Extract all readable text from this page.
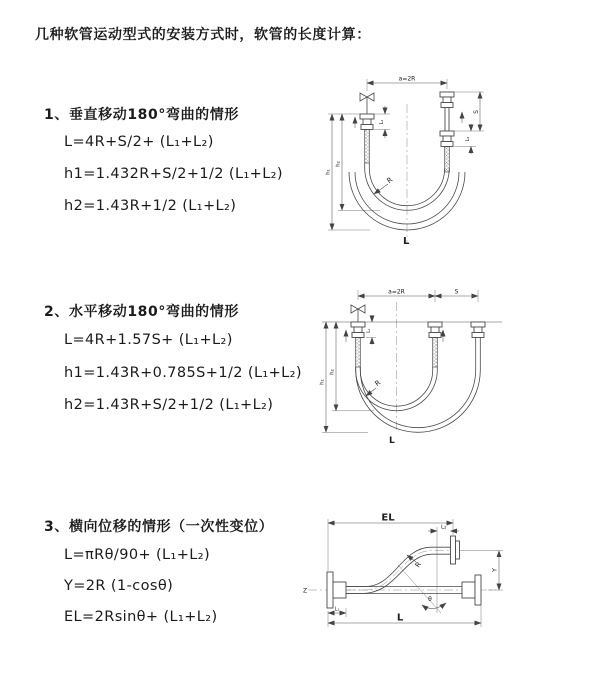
几种软管运动型式的安装方式时，软管的长度计算：
1、垂直移动180°弯曲的情形
L=4R+S/2+ (L₁+L₂)
h1=1.432R+S/2+1/2 (L₁+L₂)
h2=1.43R+1/2 (L₁+L₂)
2、水平移动180°弯曲的情形
L=4R+1.57S+ (L₁+L₂)
h1=1.43R+0.785S+1/2 (L₁+L₂)
h2=1.43R+S/2+1/2 (L₁+L₂)
3、横向位移的情形（一次性变位）
L=πRθ/90+ (L₁+L₂)
Y=2R (1-cosθ)
EL=2Rsinθ+ (L₁+L₂)
a=2R
h₁
h₂
L₁
S
L₂
R
L
a=2R	S
h₁
h₂
L₁
R
L
Z
EL
L₂
Y
R
θ
L₁
L
